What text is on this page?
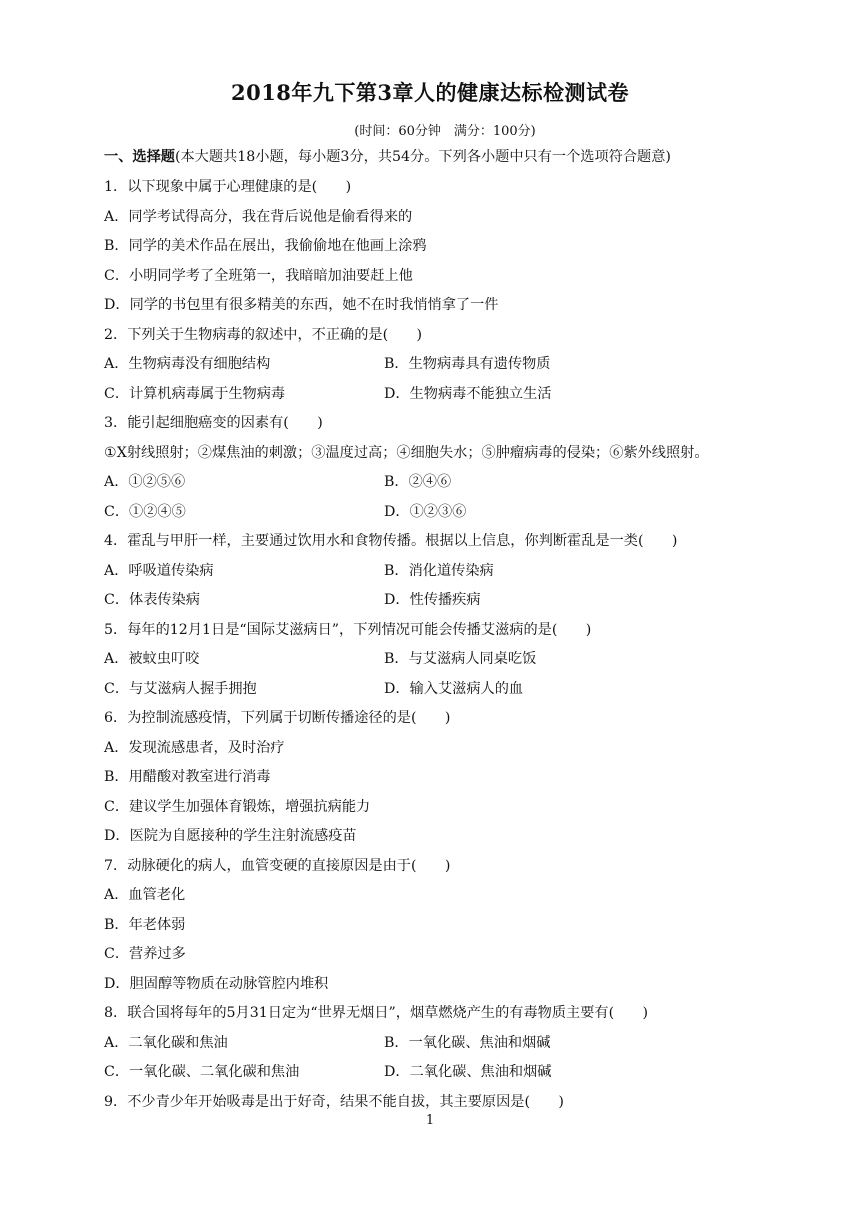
2018年九下第3章人的健康达标检测试卷
(时间：60分钟　满分：100分)
一、选择题(本大题共18小题，每小题3分，共54分。下列各小题中只有一个选项符合题意)
1．以下现象中属于心理健康的是(　　)
A．同学考试得高分，我在背后说他是偷看得来的
B．同学的美术作品在展出，我偷偷地在他画上涂鸦
C．小明同学考了全班第一，我暗暗加油要赶上他
D．同学的书包里有很多精美的东西，她不在时我悄悄拿了一件
2．下列关于生物病毒的叙述中，不正确的是(　　)
A．生物病毒没有细胞结构	B．生物病毒具有遗传物质
C．计算机病毒属于生物病毒	D．生物病毒不能独立生活
3．能引起细胞癌变的因素有(　　)
①X射线照射；②煤焦油的刺激；③温度过高；④细胞失水；⑤肿瘤病毒的侵染；⑥紫外线照射。
A．①②⑤⑥	B．②④⑥
C．①②④⑤	D．①②③⑥
4．霍乱与甲肝一样，主要通过饮用水和食物传播。根据以上信息，你判断霍乱是一类(　　)
A．呼吸道传染病	B．消化道传染病
C．体表传染病	D．性传播疾病
5．每年的12月1日是“国际艾滋病日”，下列情况可能会传播艾滋病的是(　　)
A．被蚊虫叮咬	B．与艾滋病人同桌吃饭
C．与艾滋病人握手拥抱	D．输入艾滋病人的血
6．为控制流感疫情，下列属于切断传播途径的是(　　)
A．发现流感患者，及时治疗
B．用醋酸对教室进行消毒
C．建议学生加强体育锻炼，增强抗病能力
D．医院为自愿接种的学生注射流感疫苗
7．动脉硬化的病人，血管变硬的直接原因是由于(　　)
A．血管老化
B．年老体弱
C．营养过多
D．胆固醇等物质在动脉管腔内堆积
8．联合国将每年的5月31日定为“世界无烟日”，烟草燃烧产生的有毒物质主要有(　　)
A．二氧化碳和焦油	B．一氧化碳、焦油和烟碱
C．一氧化碳、二氧化碳和焦油	D．二氧化碳、焦油和烟碱
9．不少青少年开始吸毒是出于好奇，结果不能自拔，其主要原因是(　　)
1
